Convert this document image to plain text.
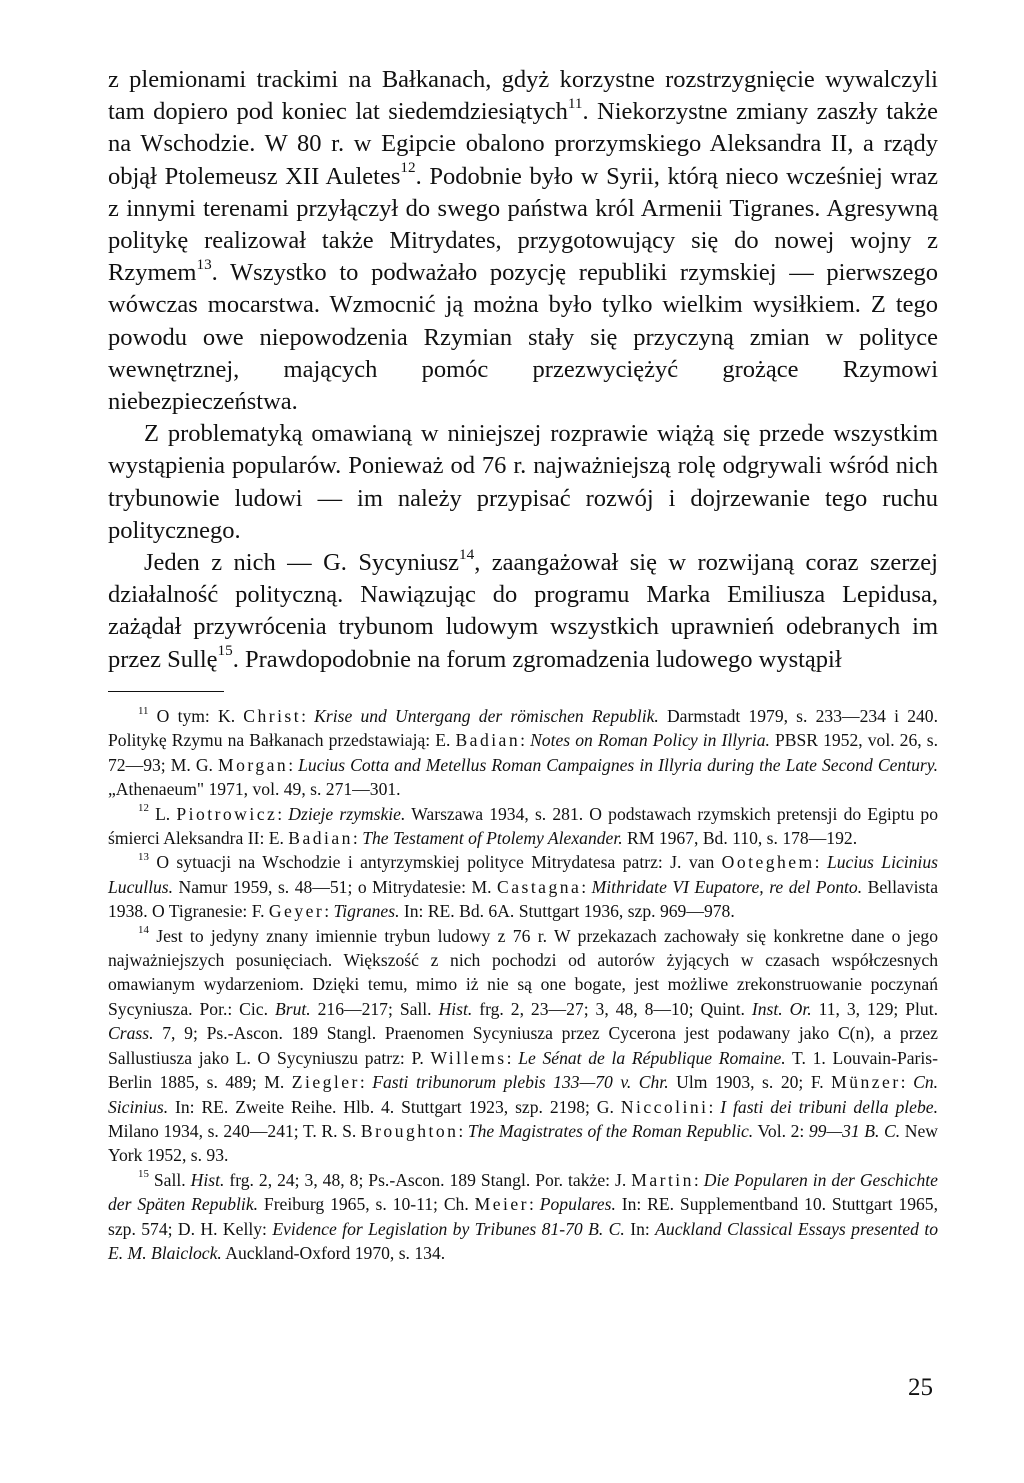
z plemionami trackimi na Bałkanach, gdyż korzystne rozstrzygnięcie wywalczyli tam dopiero pod koniec lat siedemdziesiątych$^{11}$. Niekorzystne zmiany zaszły także na Wschodzie. W 80 r. w Egipcie obalono prorzymskiego Aleksandra II, a rządy objął Ptolemeusz XII Auletes$^{12}$. Podobnie było w Syrii, którą nieco wcześniej wraz z innymi terenami przyłączył do swego państwa król Armenii Tigranes. Agresywną politykę realizował także Mitrydates, przygotowujący się do nowej wojny z Rzymem$^{13}$. Wszystko to podważało pozycję republiki rzymskiej — pierwszego wówczas mocarstwa. Wzmocnić ją można było tylko wielkim wysiłkiem. Z tego powodu owe niepowodzenia Rzymian stały się przyczyną zmian w polityce wewnętrznej, mających pomóc przezwyciężyć grożące Rzymowi niebezpieczeństwa.

Z problematyką omawianą w niniejszej rozprawie wiążą się przede wszystkim wystąpienia popularów. Ponieważ od 76 r. najważniejszą rolę odgrywali wśród nich trybunowie ludowi — im należy przypisać rozwój i dojrzewanie tego ruchu politycznego.

Jeden z nich — G. Sycyniusz$^{14}$, zaangażował się w rozwijaną coraz szerzej działalność polityczną. Nawiązując do programu Marka Emiliusza Lepidusa, zażądał przywrócenia trybunom ludowym wszystkich uprawnień odebranych im przez Sullę$^{15}$. Prawdopodobnie na forum zgromadzenia ludowego wystąpił

$^{11}$ O tym: K. Christ: Krise und Untergang der römischen Republik. Darmstadt 1979, s. 233—234 i 240. Politykę Rzymu na Bałkanach przedstawiają: E. Badian: Notes on Roman Policy in Illyria. PBSR 1952, vol. 26, s. 72—93; M. G. Morgan: Lucius Cotta and Metellus Roman Campaignes in Illyria during the Late Second Century. „Athenaeum" 1971, vol. 49, s. 271—301.

$^{12}$ L. Piotrowicz: Dzieje rzymskie. Warszawa 1934, s. 281. O podstawach rzymskich pretensji do Egiptu po śmierci Aleksandra II: E. Badian: The Testament of Ptolemy Alexander. RM 1967, Bd. 110, s. 178—192.

$^{13}$ O sytuacji na Wschodzie i antyrzymskiej polityce Mitrydatesa patrz: J. van Ooteghem: Lucius Licinius Lucullus. Namur 1959, s. 48—51; o Mitrydatesie: M. Castagna: Mithridate VI Eupatore, re del Ponto. Bellavista 1938. O Tigranesie: F. Geyer: Tigranes. In: RE. Bd. 6A. Stuttgart 1936, szp. 969—978.

$^{14}$ Jest to jedyny znany imiennie trybun ludowy z 76 r. W przekazach zachowały się konkretne dane o jego najważniejszych posunięciach. Większość z nich pochodzi od autorów żyjących w czasach współczesnych omawianym wydarzeniom. Dzięki temu, mimo iż nie są one bogate, jest możliwe zrekonstruowanie poczynań Sycyniusza. Por.: Cic. Brut. 216—217; Sall. Hist. frg. 2, 23—27; 3, 48, 8—10; Quint. Inst. Or. 11, 3, 129; Plut. Crass. 7, 9; Ps.-Ascon. 189 Stangl. Praenomen Sycyniusza przez Cycerona jest podawany jako C(n), a przez Sallustiusza jako L. O Sycyniuszu patrz: P. Willems: Le Sénat de la République Romaine. T. 1. Louvain-Paris-Berlin 1885, s. 489; M. Ziegler: Fasti tribunorum plebis 133—70 v. Chr. Ulm 1903, s. 20; F. Münzer: Cn. Sicinius. In: RE. Zweite Reihe. Hlb. 4. Stuttgart 1923, szp. 2198; G. Niccolini: I fasti dei tribuni della plebe. Milano 1934, s. 240—241; T. R. S. Broughton: The Magistrates of the Roman Republic. Vol. 2: 99—31 B. C. New York 1952, s. 93.

$^{15}$ Sall. Hist. frg. 2, 24; 3, 48, 8; Ps.-Ascon. 189 Stangl. Por. także: J. Martin: Die Popularen in der Geschichte der Späten Republik. Freiburg 1965, s. 10-11; Ch. Meier: Populares. In: RE. Supplementband 10. Stuttgart 1965, szp. 574; D. H. Kelly: Evidence for Legislation by Tribunes 81-70 B. C. In: Auckland Classical Essays presented to E. M. Blaiclock. Auckland-Oxford 1970, s. 134.

25
